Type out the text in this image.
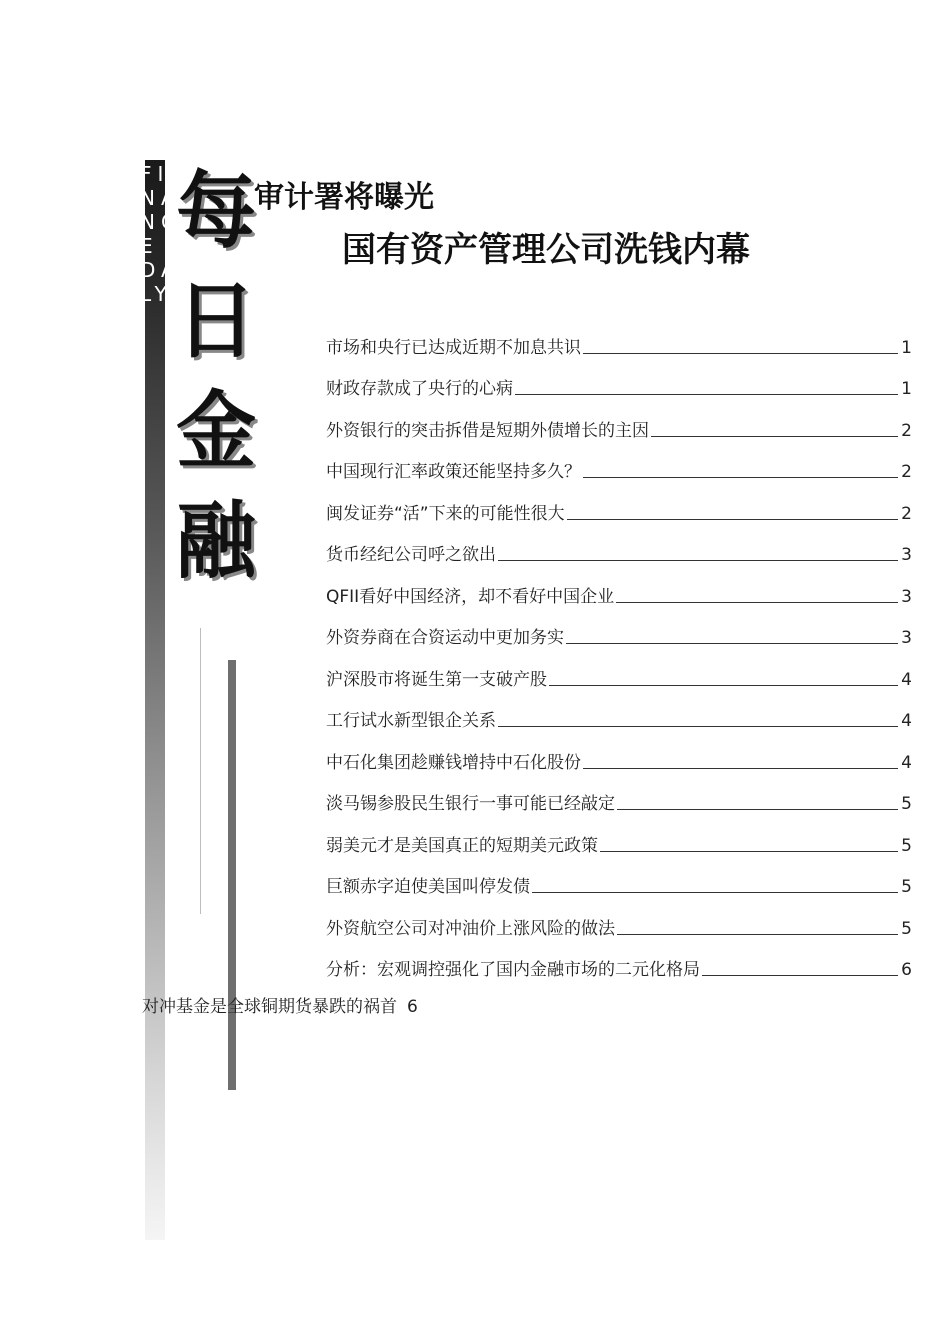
FI
NA
NC
E
DA
LY
每
日
金
融
审计署将曝光
国有资产管理公司洗钱内幕
市场和央行已达成近期不加息共识	1
财政存款成了央行的心病	1
外资银行的突击拆借是短期外债增长的主因	2
中国现行汇率政策还能坚持多久？	2
闽发证券“活”下来的可能性很大	2
货币经纪公司呼之欲出	3
QFII看好中国经济，却不看好中国企业	3
外资券商在合资运动中更加务实	3
沪深股市将诞生第一支破产股	4
工行试水新型银企关系	4
中石化集团趁赚钱增持中石化股份	4
淡马锡参股民生银行一事可能已经敲定	5
弱美元才是美国真正的短期美元政策	5
巨额赤字迫使美国叫停发债	5
外资航空公司对冲油价上涨风险的做法	5
分析：宏观调控强化了国内金融市场的二元化格局	6
对冲基金是全球铜期货暴跌的祸首 6
